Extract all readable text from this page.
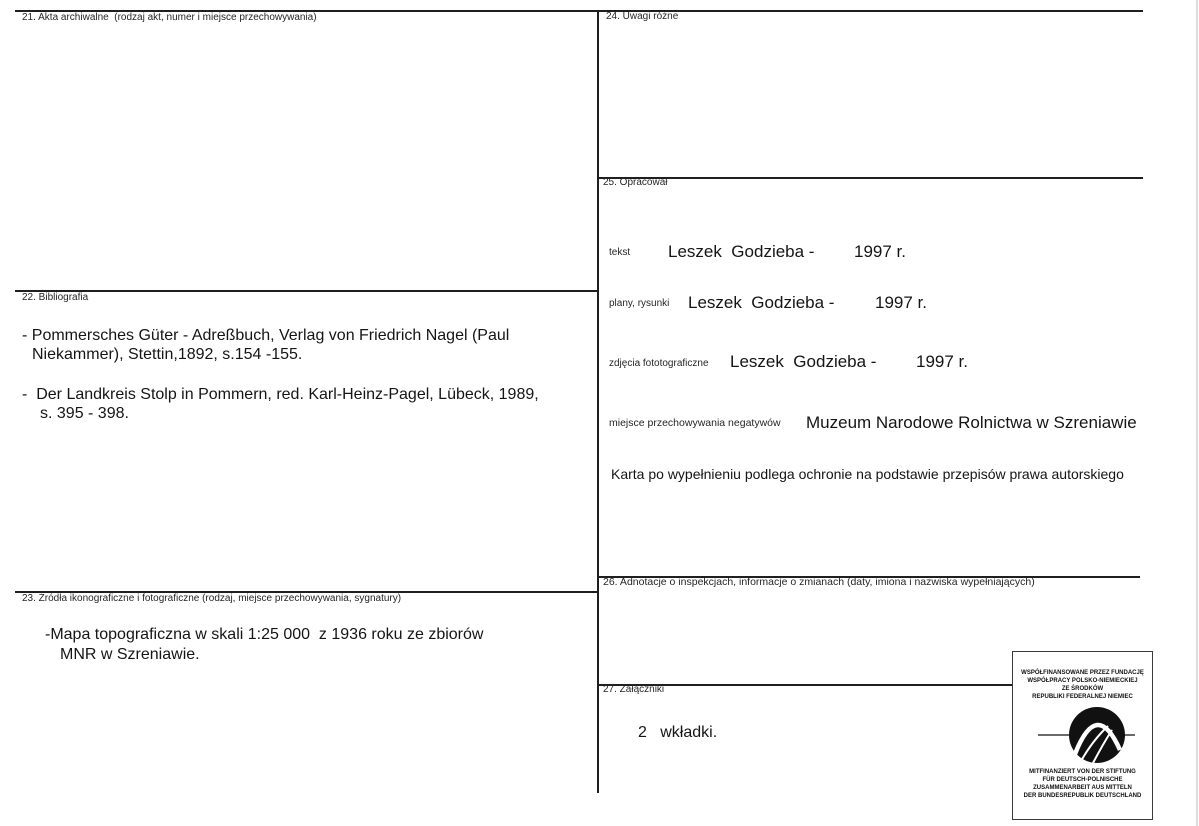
21. Akta archiwalne  (rodzaj akt, numer i miejsce przechowywania)
22. Bibliografia
- Pommersches Güter - Adreßbuch, Verlag von Friedrich Nagel (Paul
Niekammer), Stettin,1892, s.154 -155.
-  Der Landkreis Stolp in Pommern, red. Karl-Heinz-Pagel, Lübeck, 1989,
s. 395 - 398.
23. Źródła ikonograficzne i fotograficzne (rodzaj, miejsce przechowywania, sygnatury)
-Mapa topograficzna w skali 1:25 000  z 1936 roku ze zbiorów
MNR w Szreniawie.
24. Uwagi różne
25. Opracował
tekst Leszek  Godzieba - 1997 r.
plany, rysunki Leszek  Godzieba - 1997 r.
zdjęcia fototograficzne Leszek  Godzieba - 1997 r.
miejsce przechowywania negatywów Muzeum Narodowe Rolnictwa w Szreniawie
Karta po wypełnieniu podlega ochronie na podstawie przepisów prawa autorskiego
26. Adnotacje o inspekcjach, informacje o zmianach (daty, imiona i nazwiska wypełniających)
27. Załączniki
2   wkładki.
WSPÓŁFINANSOWANE PRZEZ FUNDACJĘ
WSPÓŁPRACY POLSKO-NIEMIECKIEJ
ZE ŚRODKÓW
REPUBLIKI FEDERALNEJ NIEMIEC
MITFINANZIERT VON DER STIFTUNG
FÜR DEUTSCH-POLNISCHE
ZUSAMMENARBEIT AUS MITTELN
DER BUNDESREPUBLIK DEUTSCHLAND
